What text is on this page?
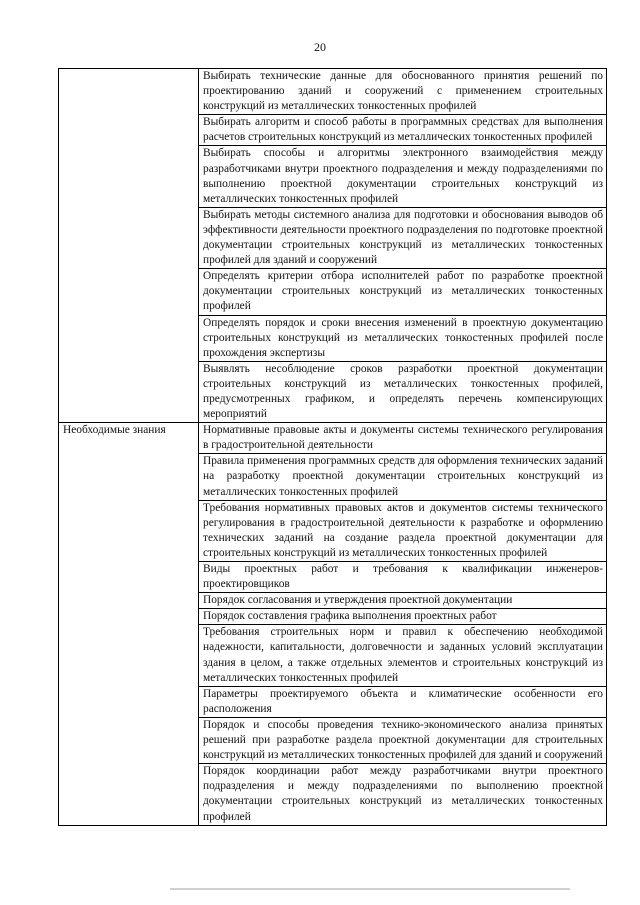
20
	Выбирать технические данные для обоснованного принятия решений по проектированию зданий и сооружений с применением строительных конструкций из металлических тонкостенных профилей
	Выбирать алгоритм и способ работы в программных средствах для выполнения расчетов строительных конструкций из металлических тонкостенных профилей
	Выбирать способы и алгоритмы электронного взаимодействия между разработчиками внутри проектного подразделения и между подразделениями по выполнению проектной документации строительных конструкций из металлических тонкостенных профилей
	Выбирать методы системного анализа для подготовки и обоснования выводов об эффективности деятельности проектного подразделения по подготовке проектной документации строительных конструкций из металлических тонкостенных профилей для зданий и сооружений
	Определять критерии отбора исполнителей работ по разработке проектной документации строительных конструкций из металлических тонкостенных профилей
	Определять порядок и сроки внесения изменений в проектную документацию строительных конструкций из металлических тонкостенных профилей после прохождения экспертизы
	Выявлять несоблюдение сроков разработки проектной документации строительных конструкций из металлических тонкостенных профилей, предусмотренных графиком, и определять перечень компенсирующих мероприятий
Необходимые знания	Нормативные правовые акты и документы системы технического регулирования в градостроительной деятельности
	Правила применения программных средств для оформления технических заданий на разработку проектной документации строительных конструкций из металлических тонкостенных профилей
	Требования нормативных правовых актов и документов системы технического регулирования в градостроительной деятельности к разработке и оформлению технических заданий на создание раздела проектной документации для строительных конструкций из металлических тонкостенных профилей
	Виды проектных работ и требования к квалификации инженеров-проектировщиков
	Порядок согласования и утверждения проектной документации
	Порядок составления графика выполнения проектных работ
	Требования строительных норм и правил к обеспечению необходимой надежности, капитальности, долговечности и заданных условий эксплуатации здания в целом, а также отдельных элементов и строительных конструкций из металлических тонкостенных профилей
	Параметры проектируемого объекта и климатические особенности его расположения
	Порядок и способы проведения технико-экономического анализа принятых решений при разработке раздела проектной документации для строительных конструкций из металлических тонкостенных профилей для зданий и сооружений
	Порядок координации работ между разработчиками внутри проектного подразделения и между подразделениями по выполнению проектной документации строительных конструкций из металлических тонкостенных профилей
